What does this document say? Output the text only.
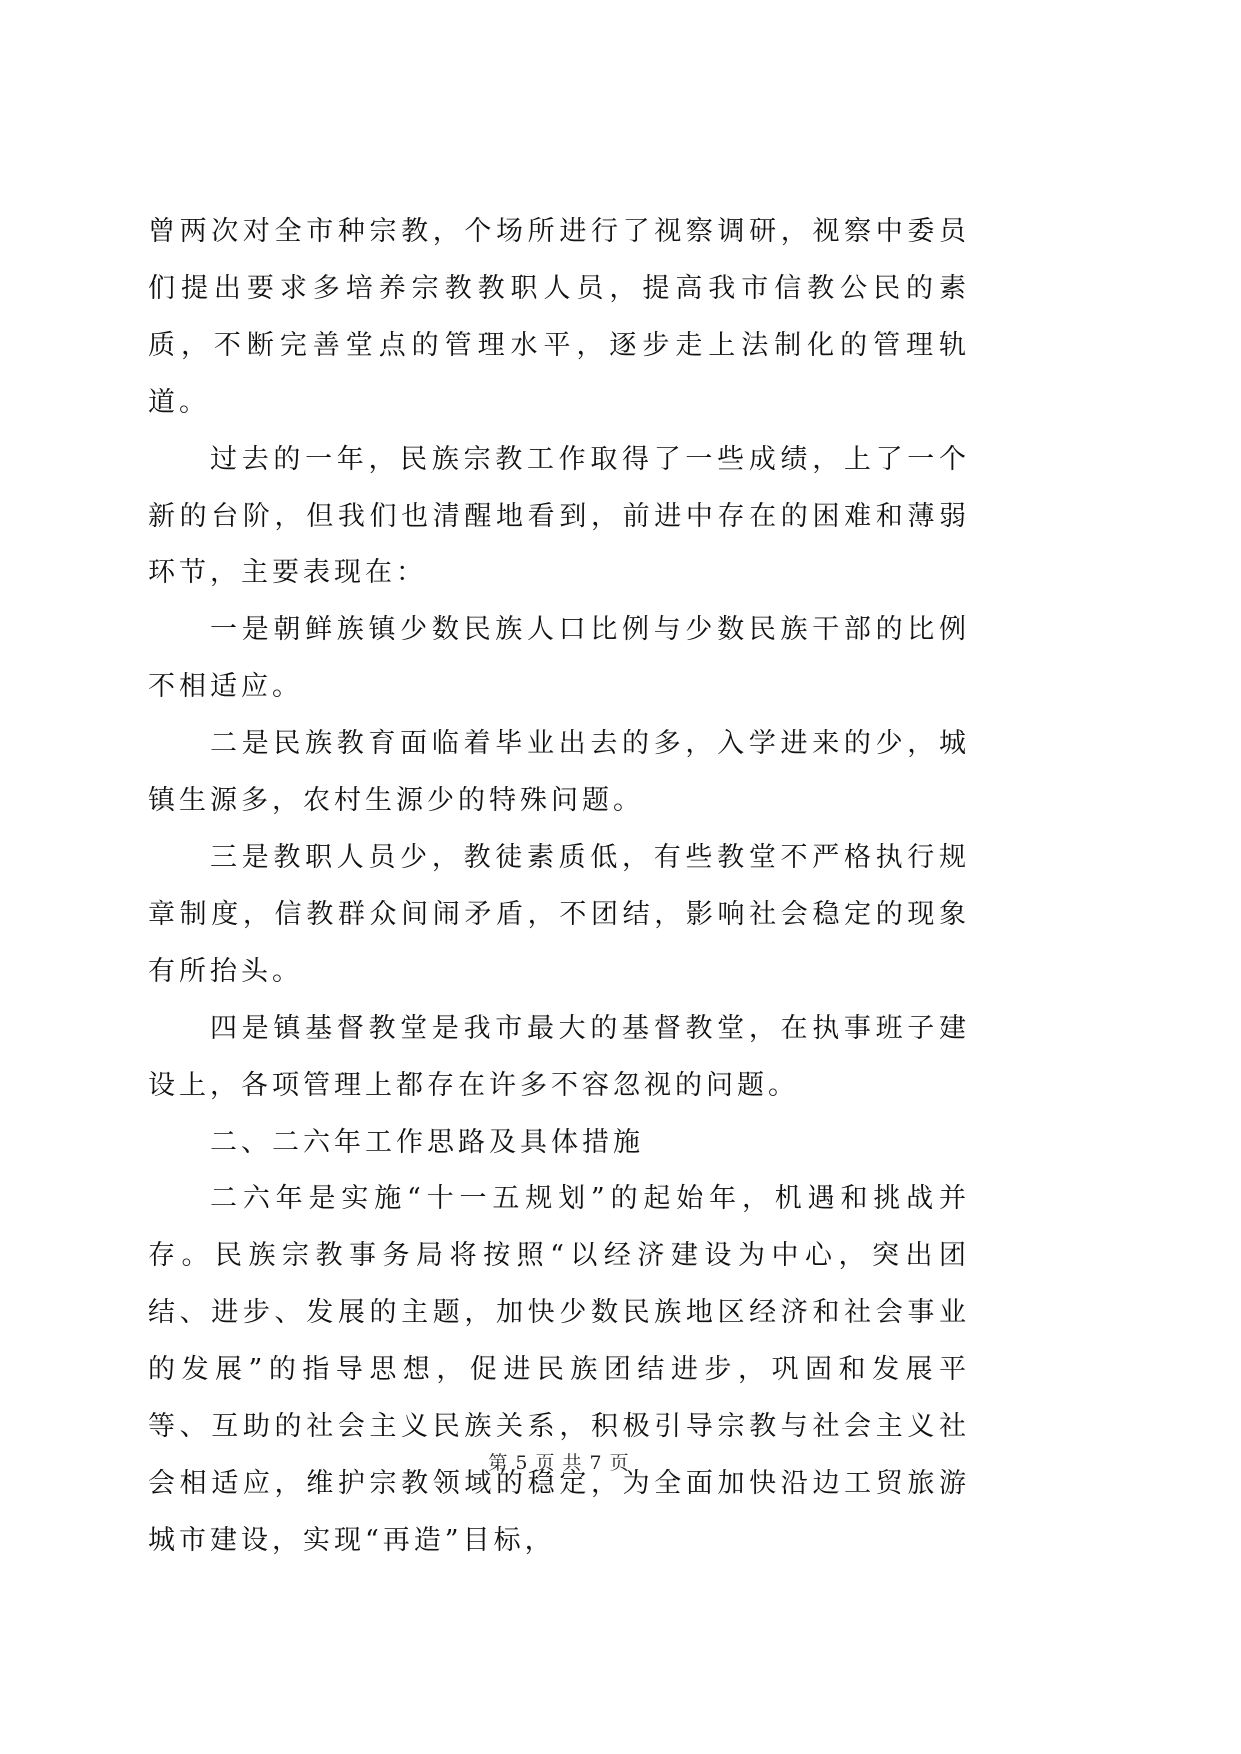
曾两次对全市种宗教，个场所进行了视察调研，视察中委员们提出要求多培养宗教教职人员，提高我市信教公民的素质，不断完善堂点的管理水平，逐步走上法制化的管理轨道。

过去的一年，民族宗教工作取得了一些成绩，上了一个新的台阶，但我们也清醒地看到，前进中存在的困难和薄弱环节，主要表现在：

一是朝鲜族镇少数民族人口比例与少数民族干部的比例不相适应。

二是民族教育面临着毕业出去的多，入学进来的少，城镇生源多，农村生源少的特殊问题。

三是教职人员少，教徒素质低，有些教堂不严格执行规章制度，信教群众间闹矛盾，不团结，影响社会稳定的现象有所抬头。

四是镇基督教堂是我市最大的基督教堂，在执事班子建设上，各项管理上都存在许多不容忽视的问题。

二、二六年工作思路及具体措施

二六年是实施“十一五规划”的起始年，机遇和挑战并存。民族宗教事务局将按照“以经济建设为中心，突出团结、进步、发展的主题，加快少数民族地区经济和社会事业的发展”的指导思想，促进民族团结进步，巩固和发展平等、互助的社会主义民族关系，积极引导宗教与社会主义社会相适应，维护宗教领域的稳定，为全面加快沿边工贸旅游城市建设，实现“再造”目标，

第 5 页 共 7 页
